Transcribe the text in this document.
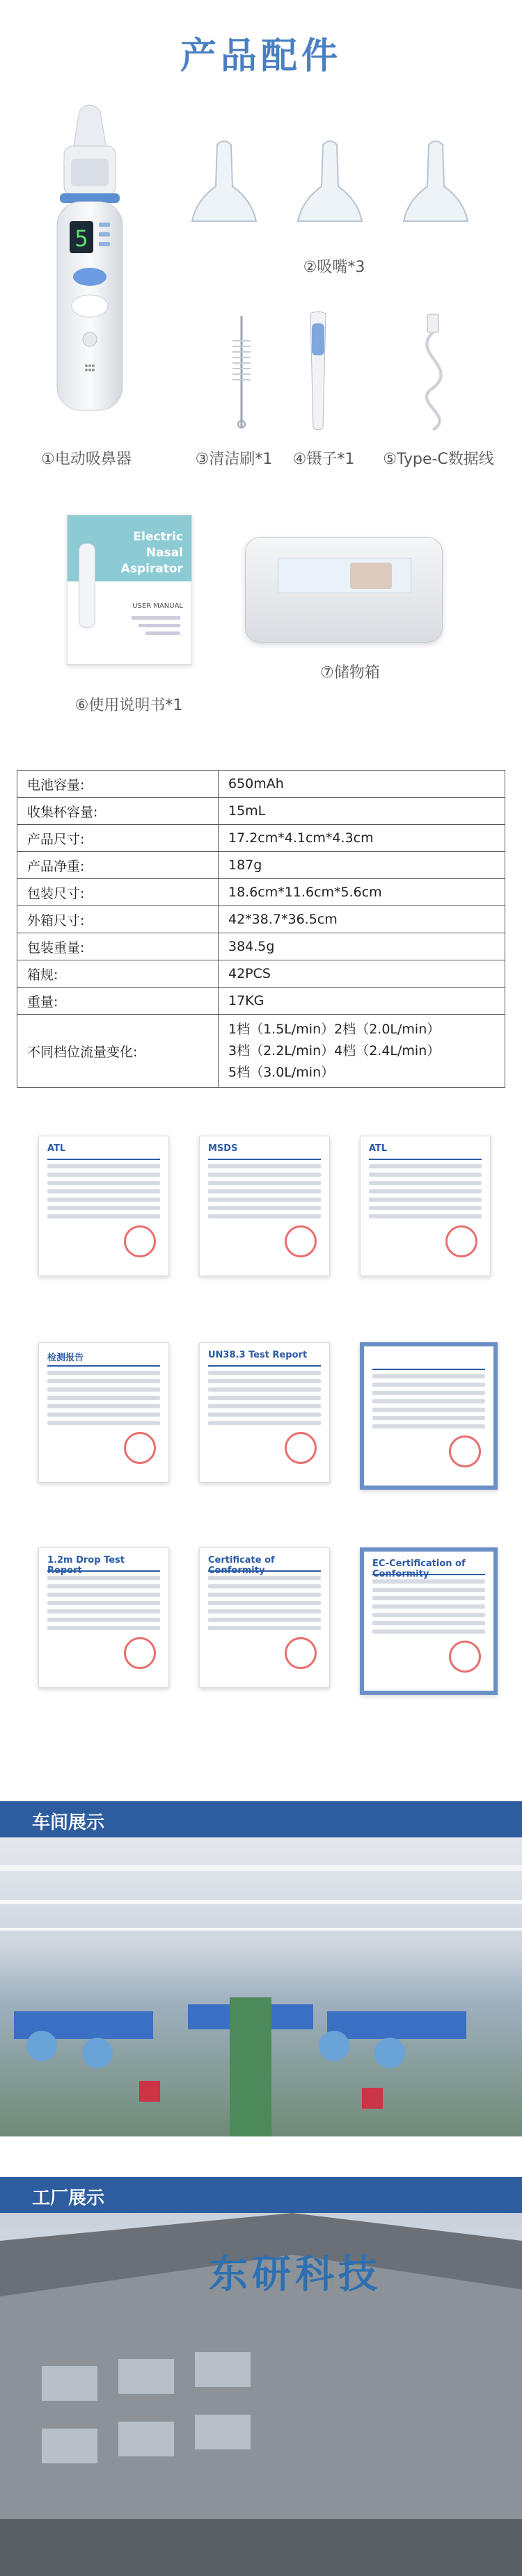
产品配件
5
②吸嘴*3
①电动吸鼻器	③清洁刷*1	④镊子*1	⑤Type-C数据线
Electric
Nasal
Aspirator
USER MANUAL
⑥使用说明书*1
⑦储物箱
电池容量:	650mAh
收集杯容量:	15mL
产品尺寸:	17.2cm*4.1cm*4.3cm
产品净重:	187g
包装尺寸:	18.6cm*11.6cm*5.6cm
外箱尺寸:	42*38.7*36.5cm
包装重量:	384.5g
箱规:	42PCS
重量:	17KG
不同档位流量变化:	1档（1.5L/min）2档（2.0L/min）
3档（2.2L/min）4档（2.4L/min）
5档（3.0L/min）
ATL	MSDS	ATL
检测报告	UN38.3 Test Report
1.2m Drop Test Report
Certificate of Conformity
EC-Certification of Conformity
车间展示
工厂展示
东研科技
